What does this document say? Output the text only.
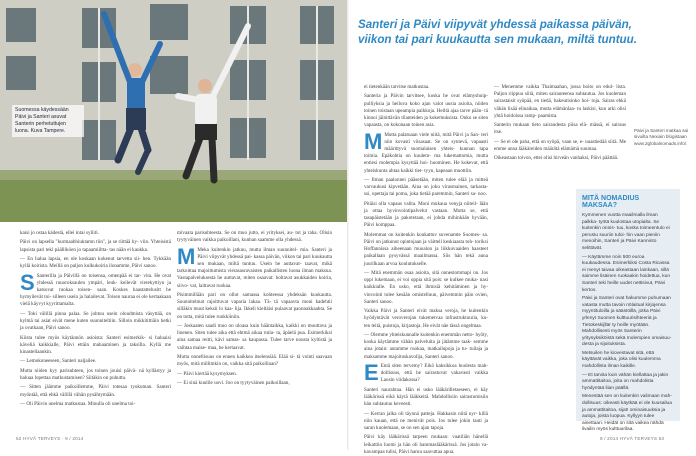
Suomessa käydessään Päivi ja Santeri asuvat Santerin perhetuttujen luona. Kuva Tampere.
Santeri ja Päivi viipyvät yhdessä paikassa päivän, viikon tai pari kuukautta sen mukaan, miltä tuntuu.

kaisi jo ostaa kädestä, ellei intai syliiti.

Päivi on lapsella "kurmaabhiuktamn tiin", ja se riittää hy- viin. Yhteisistä lapsista pari teki päälliköen jo tapaamiiltta- tas nään ei kaukka.

— En halua lapsia, en ole koskaan kokenut tarvetta sii- hen. Tykkään kyllä koirista. Meillä on paljon kulkukoiria ilonamme, Päivi sanoo.

S Santerilla ja Päivillä on toisensa, omenpää ei tar- vita. He ovat yhdessä ruuoroksaulen ympäri, leuk- keilevät vierekyttiyn ja katsovat ruokaa toisen- saan. Koskes haastattelusitt he hymyilevät toi- silleen usein ja halailevat. Toisen nauraa ei ole kertaakaan vielä käyvyt kyyrittamalta.

— Toki välillä pinna palaa. Se johtuu usein oloudmista väsyttää, on kylmä tai asiat eivät mene kuten suunniteltiin. Silloin mikkitittiäin hetki ja ovatkaan, Päivi sanoo.

Kiista tulee myös käytännön asioista: Santeri esimerkik- si haluaisi käveliä kaikkialle, Päivi ettäin mahaaminen ja taksilla. Kyllä me kinastellaankin.

— Lemokoneeseen, Santeri naljailee.

Mutta niiden kyy parisuhteen, jos toinen jouisi päivä- nä kyllästyy ja haluaa lopettaa matkustamisen? Siitäkin on puhuttu.

— Sitten jäämme paikoillemme, Päivi totesaa tyokuman. Santeri myöntää, että ehkä välillä vähän pysähtymään.

— Oli Päivin unelma matkustaa. Minulla oli unelma toi-

mivaata parisuhteesta. Se on muo jutto, ei yrityksei, au- tot ja raha. Olisin tyytyväinen vaikka paikoillani, kunhan saamme olla yhdessä.

M Meka kuitenkin jatkuu, mutta ilman suunnitel- mia. Santeri ja Päivi viipyvät yhdessä pai- kassa päivän, viikon tai pari kuukautta sen mukaan, miltä tuntuu. Usein he auttavat- taavat, mikä tarkoittaa majoittumista vierasasravaisten paikallisten luona ilman maksua. Vastapalveluksesta he auttavat, miten osaavat: holtavat asukkaiden koiria, siivo- vat, laittavat ruokaa.

Pisimmillään pari on ollut samassa kohteessa yhdeksän kuukautta. Suunnitelmat rajoittuvat vaparia lakaa. Tä- tä vapaavta moni kadehtii silläkin muut keksii lo kaa- lija. Ikkeli kieltäisi pulaavat paonnakkaahta. Se on totta, mitä tulee runkkiiniin.

— Joskaaten saadi muo on uloasa kuin hääntaikka, kaikki on muuttava ja linenen. Siten tulee aika että ehtmä aikaa rutia- ta, äpäelä pua. Esimerkiksi aina samaa reitti, kävi samas- sa kaupassa. Tulee tarve nousta kyltistä ja vaihtaa maise- maa, he kertaavat.

Mutta onnellisuus on ennen kaikkea itselensiää. Elää si- tä vointi saavaan myös, mitä millimkin on, vaikka sitä paikoillaan?

— Päivi kiertää kysymyksen.

— Ei sinä kuulile uovi. Joo on tyytyväinen paikoillaan,

ei tietenkään tarvitse matkustaa.

Santeria ja Päivin tarvitsee, koska he ovat elämyshuip- pulliyksia ja heiluva koko ajan valot uusia asioita, niiden toinen toistaan upeampia paikkoja. Heiltä ajaa tarve pään- tä kinnoi jäinittävän tilanteiden ja kokemuksista. Onko se siten vapaasta, on kokonaan toinen asia.

M Mutta palatuaan viele niitä, mitä Päivi ja San- teri niin kovasti viisasaat. Se on syntevä, vapaasti määrittyvä suomalaisen yhteis- kunnan tapa toimia. Epäkohtia on kuulem- ma lukemattomia, mutta entiesi molempia kysyttää hoi- huominen. He kokevat, että yhteiskunta ahtaa kaikki tiet- tyyn, kapeaan muottiin.

— Ilman paalonnei pääsetään, miten tulee elää ja mitteä varvaukusi kipvetään. Aina on joku virasmainen, tarkasta- ssi, opettaja tai poma, joka tietää paremmin, Santeri sa- noo.

Pitäisi olla vapaus valita. Moni mukaua venyja niiteil- lään ja ottaa hyvinvointipalvelut vastaan. Mutta se, että tasapäistetään ja pakotetaan, ei johda mihinkään hyvään, Päivi komppaa.

Molemmat on kuitenkin koukattuv suvenamte Suomes- sa. Päivi on jatkunut opintojaan ja väitteli keskiaasta toh- toriksi Hoffannissa aiheenaan muoalon ja liikkuvaaiden haasteet paikallaan pysyvässä maailmassa. Siis hän tekä auna juurilkaan arvoa koulutukselle.

— Mitä enemmän osaa asioita, sitä onnestommapi on. Jos oppi lukemaan, ei voi oppia sitä pois: se kulkee muka- nasi kaikkialle. En usko, että ihmisiä kehitäminen ja hy- vinvointi tulee kesään omistelluun, päivemmin päin ovien, Santeri sanoo.

Vaikka Päivi ja Santeri eivät maksa veroja, he kuitenkin hyödyntävät veroverojan tukemetvaa infrastruktuuria, ku- ten teitä, puistoja, kirjastoja. He eivät näe tässä ongelmaa.

— Olemme yhteiskunnalle kuitenkin enemmän netto- hyöty, koska käytämme vähän palveluita ja jätämme taak- semme aina jotain: autamme ruokaa, matkailupoja ja tu- tuilaja ja maksamme majoituskavolija, Santeri sanoo.

E Entä siten tervemy? Eikö kaksikkoa huolesta mah- dollisuus, että he sairastuvat vakavasti vaikka Laosin viidakossa?

Santeri naurahtaa. Hän ei usko lääkärilletaeseen, ei käy lääkärissä eikä käytä lääkkeitä. Mahdollisiin sairastumisiin hän suhtautuu keveesti.

— Kerran jalka oli täynnä patteja. Hakkasin niitä nyr- killä niin kauan, että ne menivät pois. Jos tulee jokin tauti ja saran kuolemaan, se on sen ajan tapoja.

Päivi käy lääkärissä tarpeen mukaan: vaatiliän hänellä leikattiin luomi ja hän oli hammaslääkärissä. Jos jotain va- kavampaa tulisi, Päivi haruu saavuttaa apua.

— Menemme vaikka Thaimaahan, jossa hoito on edul- lista. Paljon riippuu siitä, miten sairauteensa suhtautua. Jos kuoleman sairastaisit syöpää, en tiedä, hakeutisinko hoi- toja. Sairas ehkä vähän lisää elinaikaa, mutta elämänlaa- tu laskisi, kun arki olisi yhtä hoidoissa ramp- paamista.

Santerin mukaan tieto sairaudesta piisa elä- mässä, ei sairaus itse.

— Se ei ole paha, että on syöpä, vaan se, e- uuastiedää siitä. Me emme anna lääkäreiden määrätä elämämä suuntaa.

Oikeastaan toivon, ettei olisi hirveän vanhaksi, Päivi päättää.

Päivi ja Santeri matkaa sai sivuilta Nexiain blogistaan www.2globalnomads.info/.
MITÄ NOMADIUS MAKSAA?

Kymmenen vuotta maailmalla ilman palkka- työtä kuulostaa utopialta. Se kuitenkin onnis- tuu, koska toimeentulo ei perustu suuriin tuloi- hin vaan pieniin menoihin, Santeri ja Päivi Kanninto selittävät.

— Käytämme noin 500 euroa kuukaudessa. Esimerkiksi Costa Ricassa ei menyt taivaa oikeastaan lainkaan, sillä saimme lisäinen ruokaakin hoidettua, kun Santeri teki heille uudet nettisivut, Päivi kertoo.

Päivi ja Santeri ovat hakumme puhumaan vatasta mutta tavoin nölaitual kirjojensa myyntituloilla ja säästöillä, jotka Päivi yrlenyt Suomen kulttuurisihteeriä ja Tietokeskijllär ty heille myötään. Mahdollisesti myös Santerin yritysyksiköistä sekä molempien omaisuu- desta ja sijoituksista.

Metsuilen he kiovestavat sitä, että käyttävät vaikka, joka olisi kuulemma mahdollista ilman kaikille.

— Et tarvita kuin vähän kiellattaa ja jakin ammattitaitoa, joita on mahdolista hyödyntää liian päällä.

Menestää sen on kuitenkin valimaan mah- dollisuus: oikeasti käytkää ei ole kuusailua ja ammattitaitoa, sijat! ominaisuuksia ja autoja, joista luopua. Kyllyyn tulee ainettaan. Heidät on sitä vaikea nähdä ilvailin myös kulttuurilaa.

52 HYVÄ TERVEYS · 9 / 2014	9 / 2014 HYVÄ TERVEYS 53
